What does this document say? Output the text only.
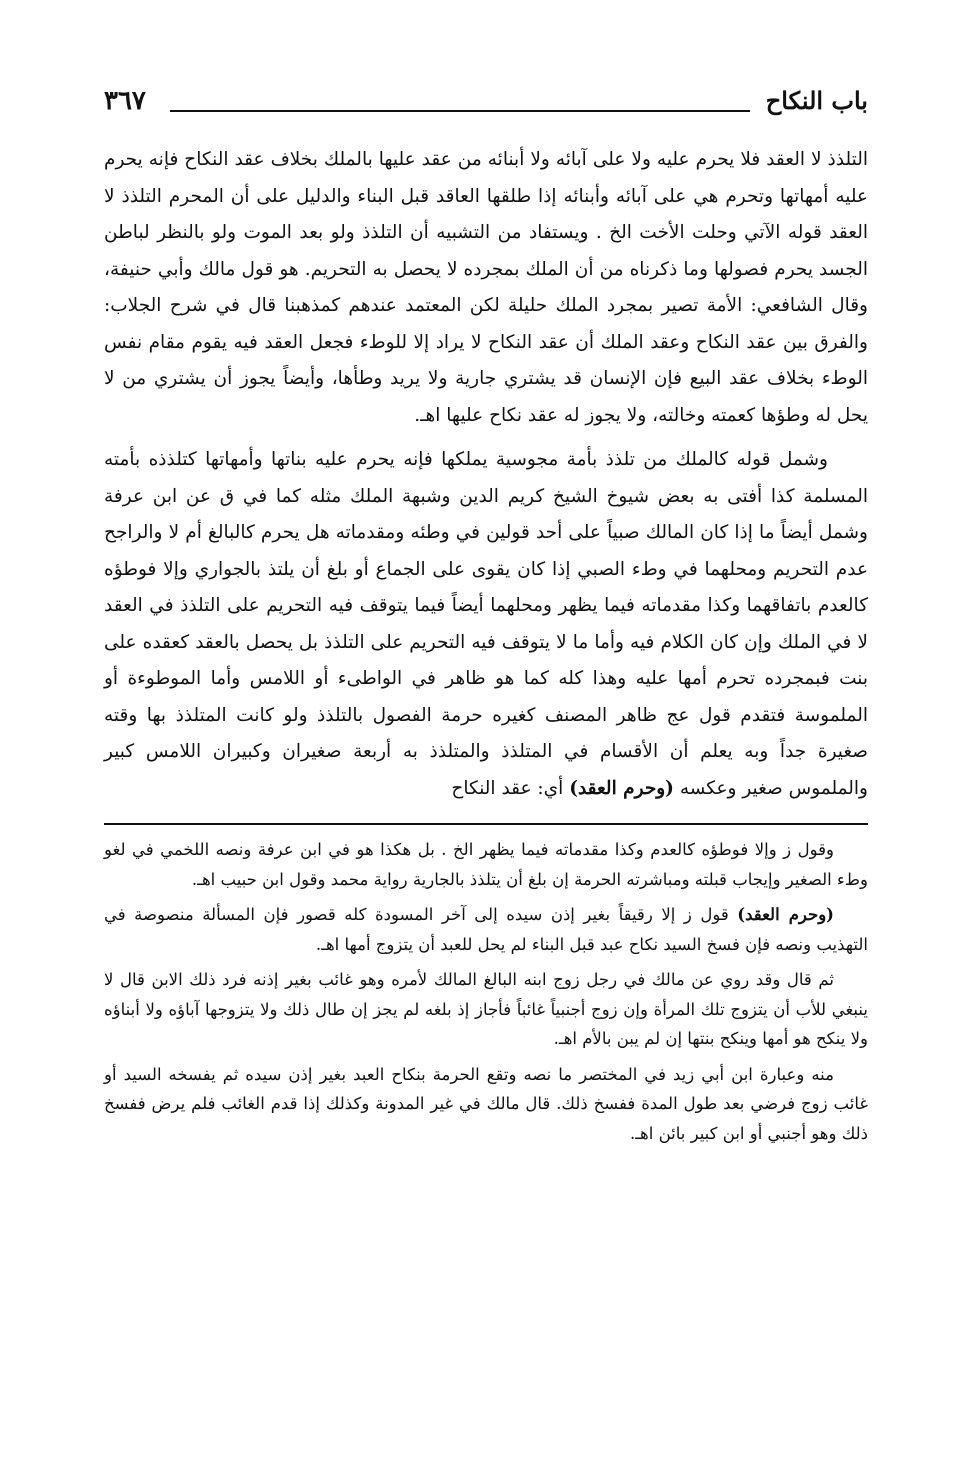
باب النكاح
٣٦٧

التلذذ لا العقد فلا يحرم عليه ولا على آبائه ولا أبنائه من عقد عليها بالملك بخلاف عقد النكاح فإنه يحرم عليه أمهاتها وتحرم هي على آبائه وأبنائه إذا طلقها العاقد قبل البناء والدليل على أن المحرم التلذذ لا العقد قوله الآتي وحلت الأخت الخ . ويستفاد من التشبيه أن التلذذ ولو بعد الموت ولو بالنظر لباطن الجسد يحرم فصولها وما ذكرناه من أن الملك بمجرده لا يحصل به التحريم. هو قول مالك وأبي حنيفة، وقال الشافعي: الأمة تصير بمجرد الملك حليلة لكن المعتمد عندهم كمذهبنا قال في شرح الجلاب: والفرق بين عقد النكاح وعقد الملك أن عقد النكاح لا يراد إلا للوطء فجعل العقد فيه يقوم مقام نفس الوطء بخلاف عقد البيع فإن الإنسان قد يشتري جارية ولا يريد وطأها، وأيضاً يجوز أن يشتري من لا يحل له وطؤها كعمته وخالته، ولا يجوز له عقد نكاح عليها اهـ.

وشمل قوله كالملك من تلذذ بأمة مجوسية يملكها فإنه يحرم عليه بناتها وأمهاتها كتلذذه بأمته المسلمة كذا أفتى به بعض شيوخ الشيخ كريم الدين وشبهة الملك مثله كما في ق عن ابن عرفة وشمل أيضاً ما إذا كان المالك صبياً على أحد قولين في وطئه ومقدماته هل يحرم كالبالغ أم لا والراجح عدم التحريم ومحلهما في وطء الصبي إذا كان يقوى على الجماع أو بلغ أن يلتذ بالجواري وإلا فوطؤه كالعدم باتفاقهما وكذا مقدماته فيما يظهر ومحلهما أيضاً فيما يتوقف فيه التحريم على التلذذ في العقد لا في الملك وإن كان الكلام فيه وأما ما لا يتوقف فيه التحريم على التلذذ بل يحصل بالعقد كعقده على بنت فبمجرده تحرم أمها عليه وهذا كله كما هو ظاهر في الواطىء أو اللامس وأما الموطوءة أو الملموسة فتقدم قول عج ظاهر المصنف كغيره حرمة الفصول بالتلذذ ولو كانت المتلذذ بها وقته صغيرة جداً وبه يعلم أن الأقسام في المتلذذ والمتلذذ به أربعة صغيران وكبيران اللامس كبير والملموس صغير وعكسه (وحرم العقد) أي: عقد النكاح

وقول ز وإلا فوطؤه كالعدم وكذا مقدماته فيما يظهر الخ . بل هكذا هو في ابن عرفة ونصه اللخمي في لغو وطء الصغير وإيجاب قبلته ومباشرته الحرمة إن بلغ أن يتلذذ بالجارية رواية محمد وقول ابن حبيب اهـ.

(وحرم العقد) قول ز إلا رقيقاً بغير إذن سيده إلى آخر المسودة كله قصور فإن المسألة منصوصة في التهذيب ونصه فإن فسخ السيد نكاح عبد قبل البناء لم يحل للعبد أن يتزوج أمها اهـ.

ثم قال وقد روي عن مالك في رجل زوج ابنه البالغ المالك لأمره وهو غائب بغير إذنه فرد ذلك الابن قال لا ينبغي للأب أن يتزوج تلك المرأة وإن زوج أجنبياً غائباً فأجاز إذ بلغه لم يجز إن طال ذلك ولا يتزوجها آباؤه ولا أبناؤه ولا ينكح هو أمها وينكح بنتها إن لم يبن بالأم اهـ.

منه وعبارة ابن أبي زيد في المختصر ما نصه وتقع الحرمة بنكاح العبد بغير إذن سيده ثم يفسخه السيد أو غائب زوج فرضي بعد طول المدة ففسخ ذلك. قال مالك في غير المدونة وكذلك إذا قدم الغائب فلم يرض ففسخ ذلك وهو أجنبي أو ابن كبير بائن اهـ.
